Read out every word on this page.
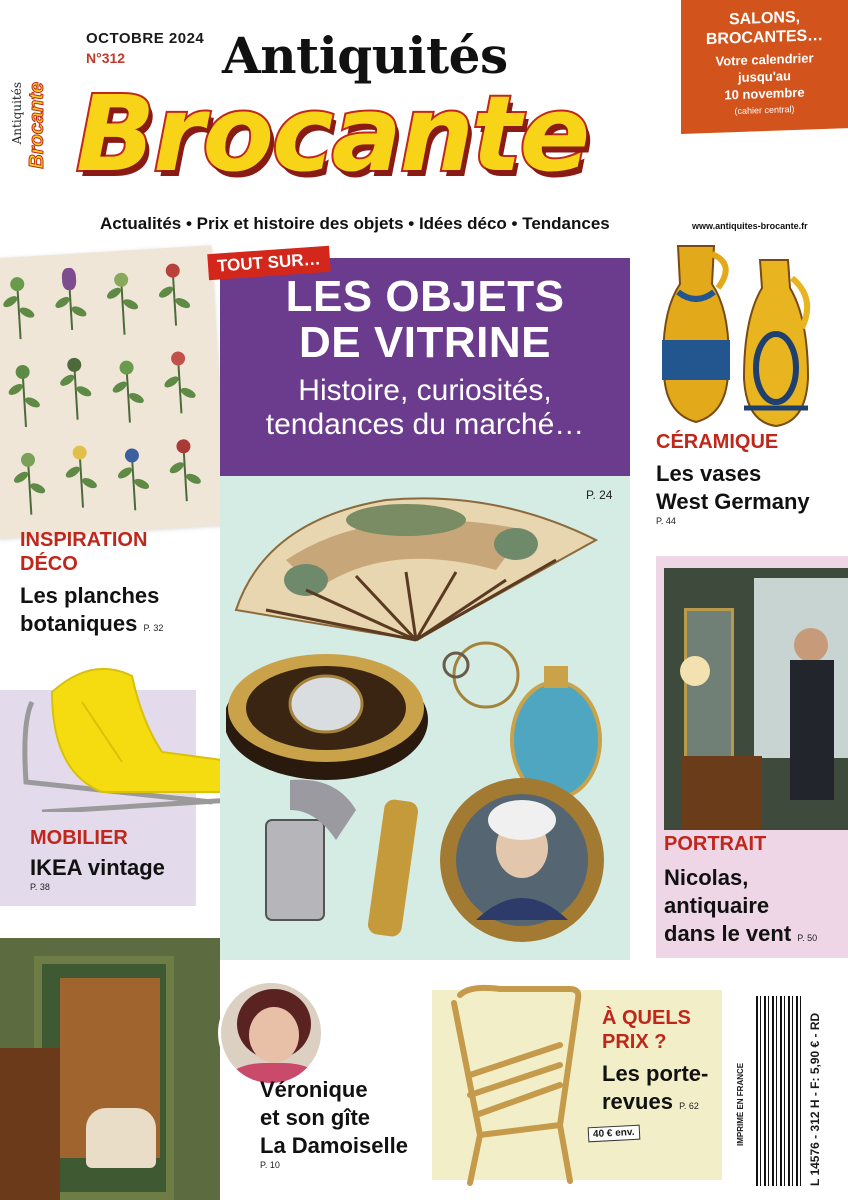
OCTOBRE 2024
N°312
Antiquités Brocante
Antiquités
Brocante
Actualités • Prix et histoire des objets • Idées déco • Tendances	www.antiquites-brocante.fr
SALONS,
BROCANTES…
Votre calendrier
jusqu'au
10 novembre
(cahier central)
INSPIRATION
DÉCO
Les planches
botaniques P. 32
MOBILIER
IKEA vintage
P. 38
LES OBJETS
DE VITRINE
Histoire, curiosités,
tendances du marché…
TOUT SUR…
P. 24
CÉRAMIQUE
Les vases
West Germany
P. 44
PORTRAIT
Nicolas,
antiquaire
dans le vent P. 50
Véronique
et son gîte
La Damoiselle
P. 10
40 € env.
À QUELS
PRIX ?
Les porte-
revues P. 62	IMPRIMÉ EN FRANCE	L 14576 - 312 H - F: 5,90 € - RD
